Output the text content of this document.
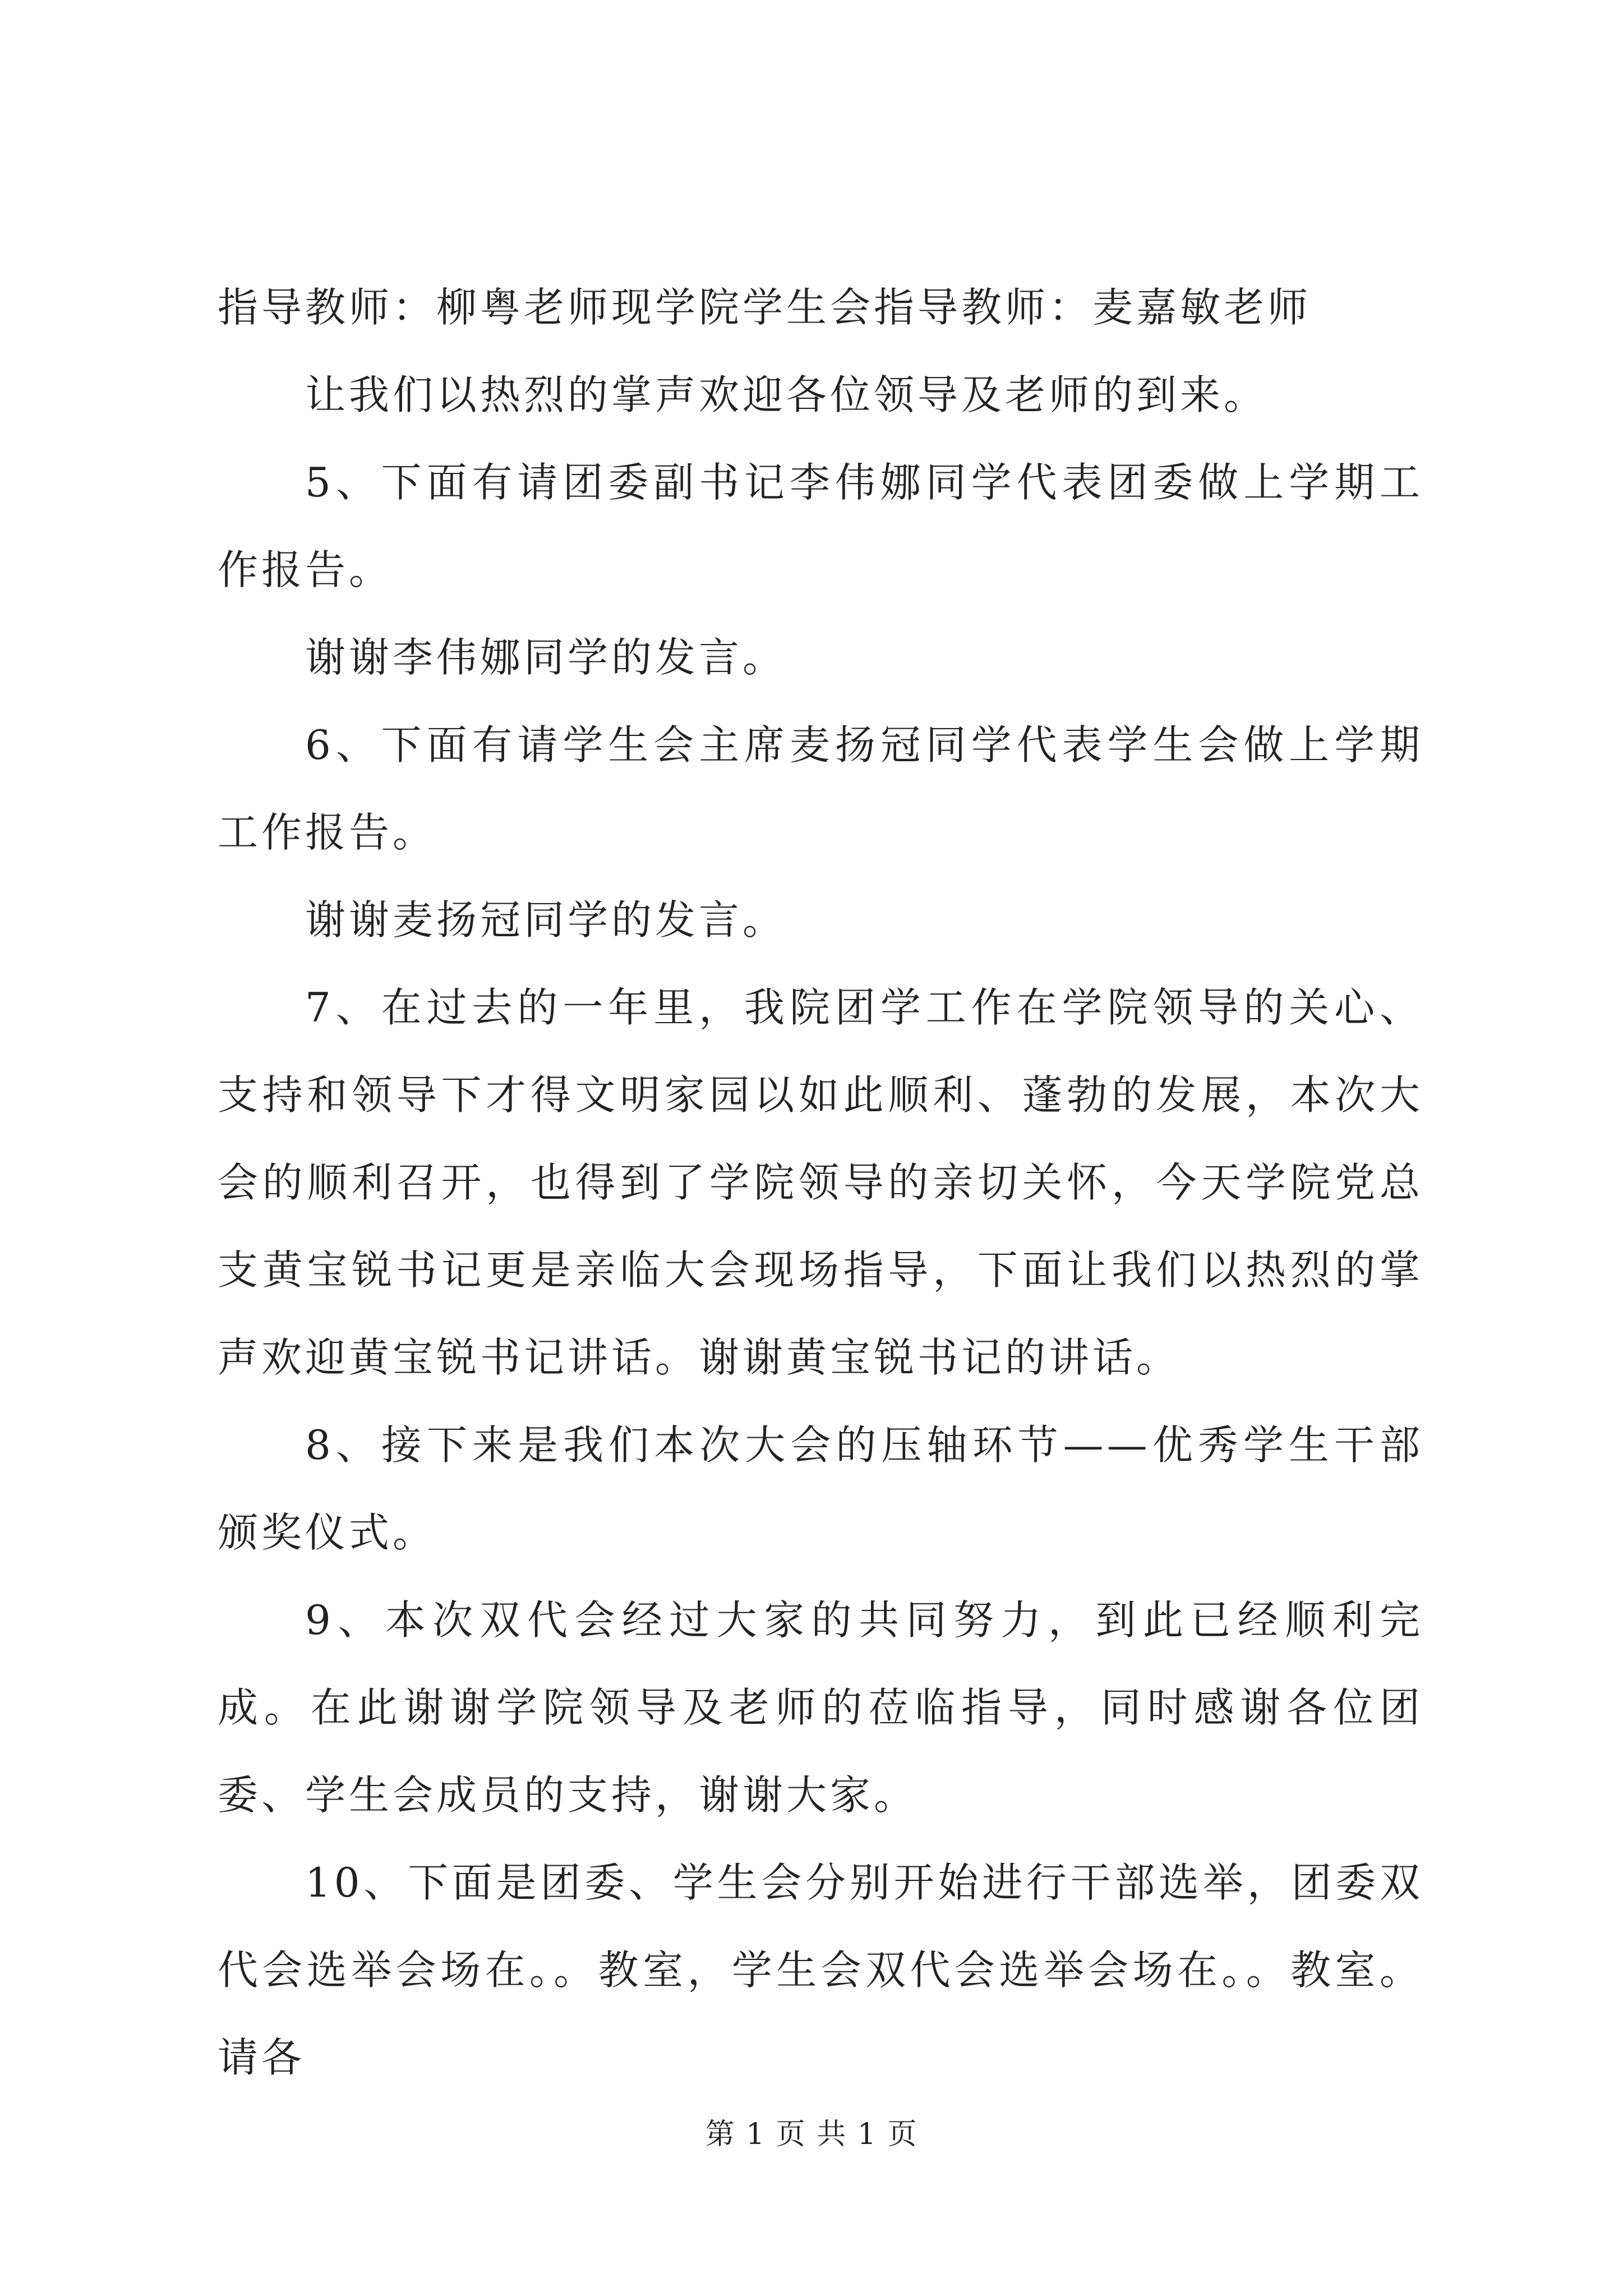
指导教师：柳粤老师现学院学生会指导教师：麦嘉敏老师

让我们以热烈的掌声欢迎各位领导及老师的到来。

5、下面有请团委副书记李伟娜同学代表团委做上学期工作报告。

谢谢李伟娜同学的发言。

6、下面有请学生会主席麦扬冠同学代表学生会做上学期工作报告。

谢谢麦扬冠同学的发言。

7、在过去的一年里，我院团学工作在学院领导的关心、支持和领导下才得文明家园以如此顺利、蓬勃的发展，本次大会的顺利召开，也得到了学院领导的亲切关怀，今天学院党总支黄宝锐书记更是亲临大会现场指导，下面让我们以热烈的掌声欢迎黄宝锐书记讲话。谢谢黄宝锐书记的讲话。

8、接下来是我们本次大会的压轴环节——优秀学生干部颁奖仪式。

9、本次双代会经过大家的共同努力，到此已经顺利完成。在此谢谢学院领导及老师的莅临指导，同时感谢各位团委、学生会成员的支持，谢谢大家。

10、下面是团委、学生会分别开始进行干部选举，团委双代会选举会场在。。教室，学生会双代会选举会场在。。教室。请各

第 1 页 共 1 页
